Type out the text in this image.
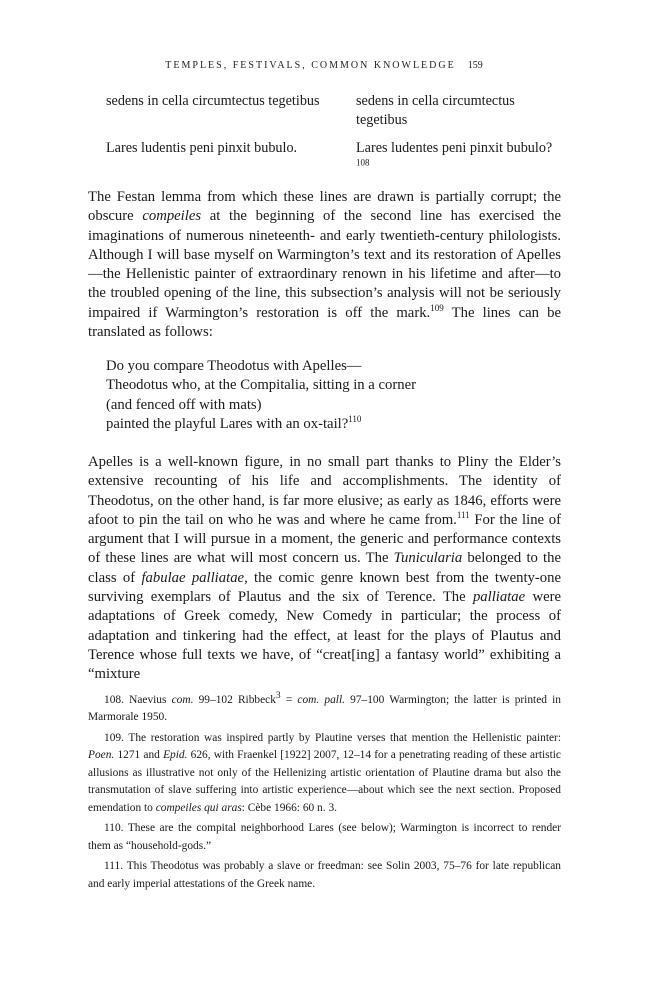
TEMPLES, FESTIVALS, COMMON KNOWLEDGE 159
sedens in cella circumtectus tegetibus	sedens in cella circumtectus tegetibus
Lares ludentis peni pinxit bubulo.	Lares ludentes peni pinxit bubulo?$^{108}$

The Festan lemma from which these lines are drawn is partially corrupt; the obscure compeiles at the beginning of the second line has exercised the imaginations of numerous nineteenth- and early twentieth-century philologists. Although I will base myself on Warmington’s text and its restoration of Apelles—the Hellenistic painter of extraordinary renown in his lifetime and after—to the troubled opening of the line, this subsection’s analysis will not be seriously impaired if Warmington’s restoration is off the mark.$^{109}$ The lines can be translated as follows:

Do you compare Theodotus with Apelles—
Theodotus who, at the Compitalia, sitting in a corner
(and fenced off with mats)
painted the playful Lares with an ox-tail?$^{110}$

Apelles is a well-known figure, in no small part thanks to Pliny the Elder’s extensive recounting of his life and accomplishments. The identity of Theodotus, on the other hand, is far more elusive; as early as 1846, efforts were afoot to pin the tail on who he was and where he came from.$^{111}$ For the line of argument that I will pursue in a moment, the generic and performance contexts of these lines are what will most concern us. The Tunicularia belonged to the class of fabulae palliatae, the comic genre known best from the twenty-one surviving exemplars of Plautus and the six of Terence. The palliatae were adaptations of Greek comedy, New Comedy in particular; the process of adaptation and tinkering had the effect, at least for the plays of Plautus and Terence whose full texts we have, of “creat[ing] a fantasy world” exhibiting a “mixture

108. Naevius com. 99–102 Ribbeck$^3$ = com. pall. 97–100 Warmington; the latter is printed in Marmorale 1950.

109. The restoration was inspired partly by Plautine verses that mention the Hellenistic painter: Poen. 1271 and Epid. 626, with Fraenkel [1922] 2007, 12–14 for a penetrating reading of these artistic allusions as illustrative not only of the Hellenizing artistic orientation of Plautine drama but also the transmutation of slave suffering into artistic experience—about which see the next section. Proposed emendation to compeiles qui aras: Cèbe 1966: 60 n. 3.

110. These are the compital neighborhood Lares (see below); Warmington is incorrect to render them as “household-gods.”

111. This Theodotus was probably a slave or freedman: see Solin 2003, 75–76 for late republican and early imperial attestations of the Greek name.
